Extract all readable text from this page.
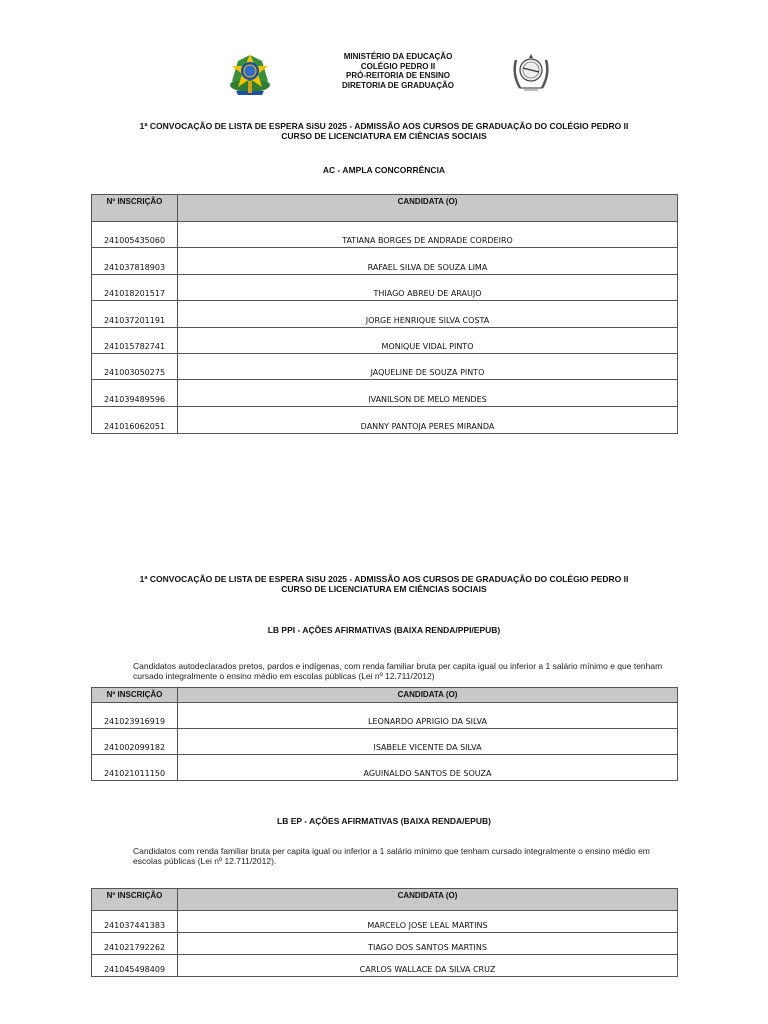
MINISTÉRIO DA EDUCAÇÃO
COLÉGIO PEDRO II
PRÓ-REITORIA DE ENSINO
DIRETORIA DE GRADUAÇÃO
1ª CONVOCAÇÃO DE LISTA DE ESPERA SiSU 2025 - ADMISSÃO AOS CURSOS DE GRADUAÇÃO DO COLÉGIO PEDRO II
CURSO DE LICENCIATURA EM CIÊNCIAS SOCIAIS
AC - AMPLA CONCORRÊNCIA
Nº INSCRIÇÃO	CANDIDATA (O)
241005435060	TATIANA BORGES DE ANDRADE CORDEIRO
241037818903	RAFAEL SILVA DE SOUZA LIMA
241018201517	THIAGO ABREU DE ARAUJO
241037201191	JORGE HENRIQUE SILVA COSTA
241015782741	MONIQUE VIDAL PINTO
241003050275	JAQUELINE DE SOUZA PINTO
241039489596	IVANILSON DE MELO MENDES
241016062051	DANNY PANTOJA PERES MIRANDA
1ª CONVOCAÇÃO DE LISTA DE ESPERA SiSU 2025 - ADMISSÃO AOS CURSOS DE GRADUAÇÃO DO COLÉGIO PEDRO II
CURSO DE LICENCIATURA EM CIÊNCIAS SOCIAIS
LB PPI - AÇÕES AFIRMATIVAS (BAIXA RENDA/PPI/EPUB)
Candidatos autodeclarados pretos, pardos e indígenas, com renda familiar bruta per capita igual ou inferior a 1 salário mínimo e que tenham
cursado integralmente o ensino médio em escolas públicas (Lei nº 12.711/2012)
Nº INSCRIÇÃO	CANDIDATA (O)
241023916919	LEONARDO APRIGIO DA SILVA
241002099182	ISABELE VICENTE DA SILVA
241021011150	AGUINALDO SANTOS DE SOUZA
LB EP - AÇÕES AFIRMATIVAS (BAIXA RENDA/EPUB)
Candidatos com renda familiar bruta per capita igual ou inferior a 1 salário mínimo que tenham cursado integralmente o ensino médio em
escolas públicas (Lei nº 12.711/2012).
Nº INSCRIÇÃO	CANDIDATA (O)
241037441383	MARCELO JOSE LEAL MARTINS
241021792262	TIAGO DOS SANTOS MARTINS
241045498409	CARLOS WALLACE DA SILVA CRUZ
